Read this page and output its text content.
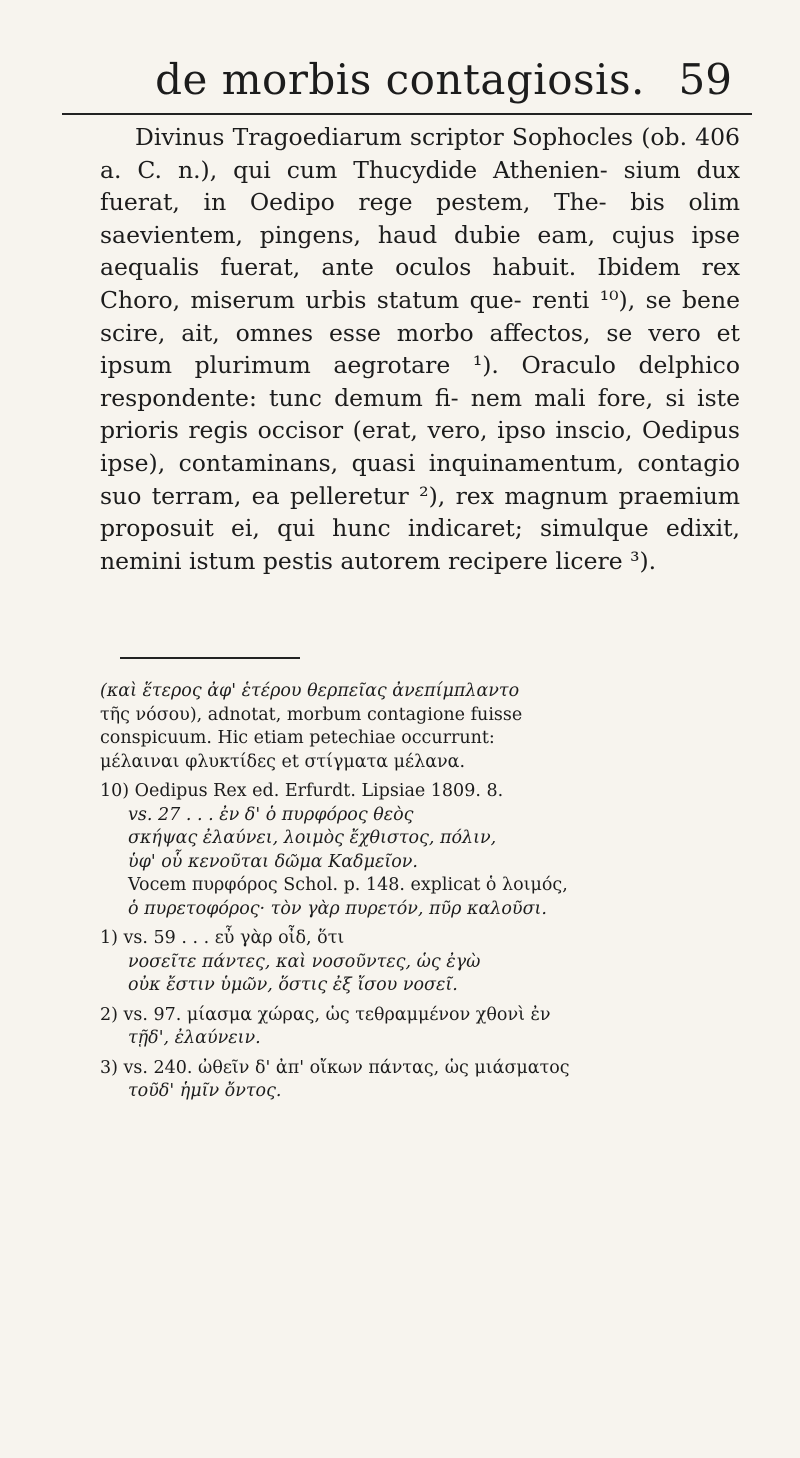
de morbis contagiosis. 59

Divinus Tragoediarum scriptor Sophocles (ob. 406 a. C. n.), qui cum Thucydide Athenien- sium dux fuerat, in Oedipo rege pestem, The- bis olim saevientem, pingens, haud dubie eam, cujus ipse aequalis fuerat, ante oculos habuit. Ibidem rex Choro, miserum urbis statum que- renti ¹⁰), se bene scire, ait, omnes esse morbo affectos, se vero et ipsum plurimum aegrotare ¹). Oraculo delphico respondente: tunc demum fi- nem mali fore, si iste prioris regis occisor (erat, vero, ipso inscio, Oedipus ipse), contaminans, quasi inquinamentum, contagio suo terram, ea pelleretur ²), rex magnum praemium proposuit ei, qui hunc indicaret; simulque edixit, nemini istum pestis autorem recipere licere ³).

(καὶ ἕτερος ἀφ' ἑτέρου θερπεῖας ἀνεπίμπλαντο
τῆς νόσου), adnotat, morbum contagione fuisse
conspicuum. Hic etiam petechiae occurrunt:
μέλαιναι φλυκτίδες et στίγματα μέλανα.
10) Oedipus Rex ed. Erfurdt. Lipsiae 1809. 8.
vs. 27 . . . ἐν δ' ὁ πυρφόρος θεὸς
σκήψας ἐλαύνει, λοιμὸς ἔχθιστος, πόλιν,
ὑφ' οὗ κενοῦται δῶμα Καδμεῖον.
Vocem πυρφόρος Schol. p. 148. explicat ὁ λοιμός,
ὁ πυρετοφόρος· τὸν γὰρ πυρετόν, πῦρ καλοῦσι.
1) vs. 59 . . . εὖ γὰρ οἶδ, ὅτι
νοσεῖτε πάντες, καὶ νοσοῦντες, ὡς ἐγὼ
οὐκ ἔστιν ὑμῶν, ὅστις ἐξ ἴσου νοσεῖ.
2) vs. 97. μίασμα χώρας, ὡς τεθραμμένον χθονὶ ἐν
τῇδ', ἐλαύνειν.
3) vs. 240. ὠθεῖν δ' ἀπ' οἴκων πάντας, ὡς μιάσματος
τοῦδ' ἡμῖν ὄντος.
